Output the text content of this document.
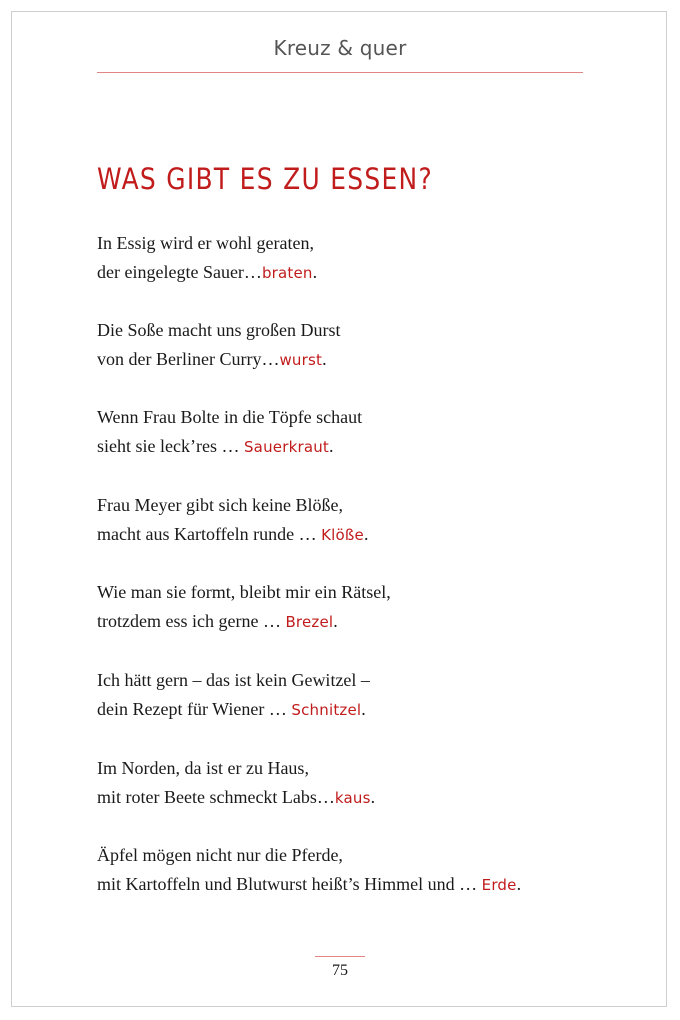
Kreuz & quer
WAS GIBT ES ZU ESSEN?
In Essig wird er wohl geraten,
der eingelegte Sauer…braten.
Die Soße macht uns großen Durst
von der Berliner Curry…wurst.
Wenn Frau Bolte in die Töpfe schaut
sieht sie leck’res … Sauerkraut.
Frau Meyer gibt sich keine Blöße,
macht aus Kartoffeln runde … Klöße.
Wie man sie formt, bleibt mir ein Rätsel,
trotzdem ess ich gerne … Brezel.
Ich hätt gern – das ist kein Gewitzel –
dein Rezept für Wiener … Schnitzel.
Im Norden, da ist er zu Haus,
mit roter Beete schmeckt Labs…kaus.
Äpfel mögen nicht nur die Pferde,
mit Kartoffeln und Blutwurst heißt’s Himmel und … Erde.
75
